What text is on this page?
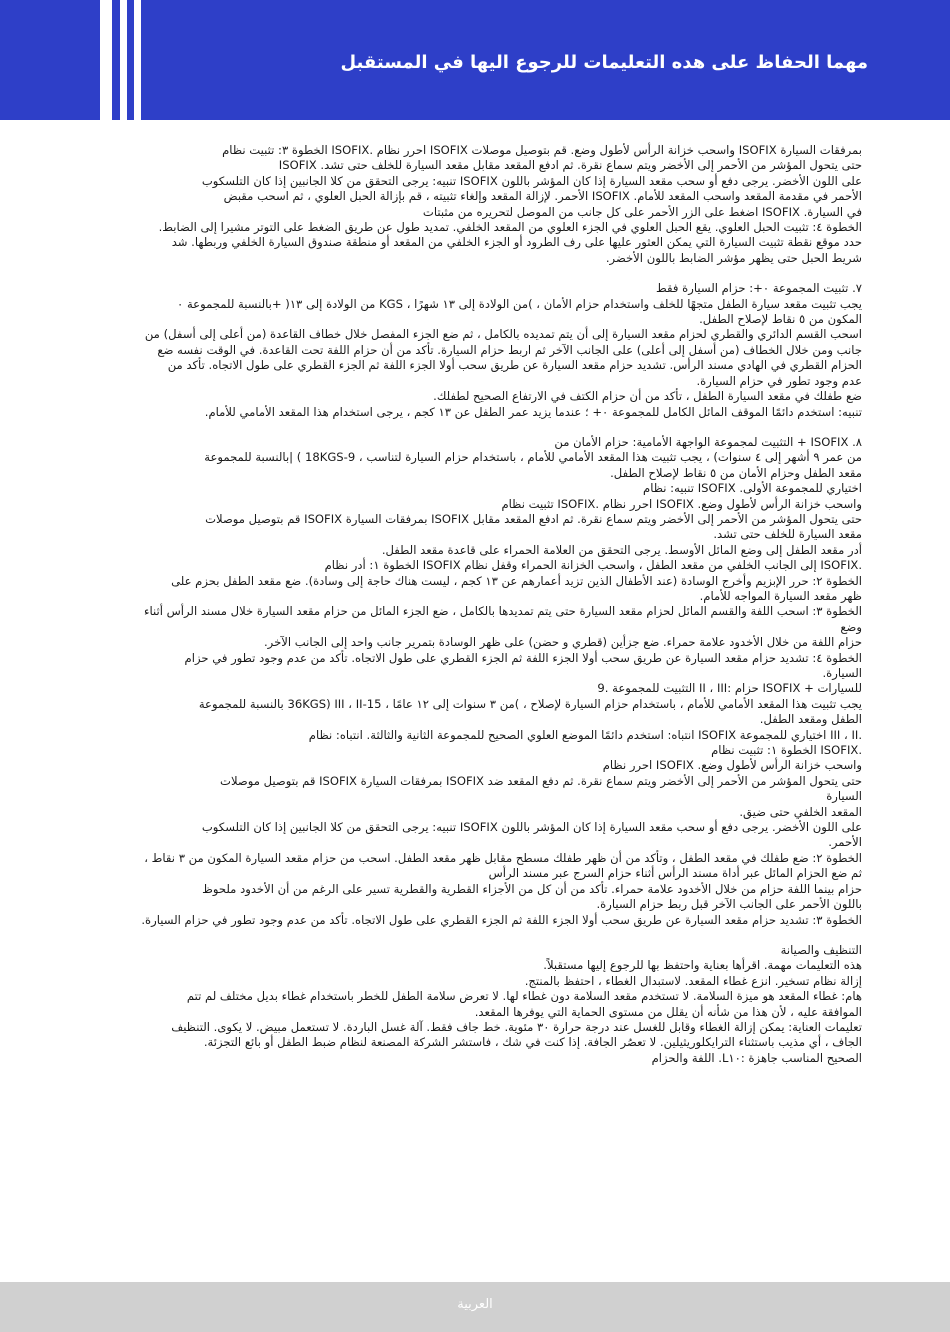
مهما الحفاظ على هده التعليمات للرجوع اليها في المستقبل

بمرفقات السيارة ISOFIX واسحب خزانة الرأس لأطول وضع. قم بتوصيل موصلات ISOFIX احرر نظام .ISOFIX الخطوة ٣: تثبيت نظام

حتى يتحول المؤشر من الأحمر إلى الأخضر ويتم سماع نقرة. ثم ادفع المقعد مقابل مقعد السيارة للخلف حتى تشد. ISOFIX

على اللون الأخضر. يرجى دفع أو سحب مقعد السيارة إذا كان المؤشر باللون ISOFIX تنبيه: يرجى التحقق من كلا الجانبين إذا كان التلسكوب

الأحمر في مقدمة المقعد واسحب المقعد للأمام. ISOFIX الأحمر. لإزالة المقعد وإلغاء تثبيته ، قم بإزالة الحبل العلوي ، ثم اسحب مقبض

في السيارة. ISOFIX اضغط على الزر الأحمر على كل جانب من الموصل لتحريره من مثبتات

الخطوة ٤: تثبيت الحبل العلوي. يقع الحبل العلوي في الجزء العلوي من المقعد الخلفي. تمديد طول عن طريق الضغط على التوتر مشيرا إلى الضابط.

حدد موقع نقطة تثبيت السيارة التي يمكن العثور عليها على رف الطرود أو الجزء الخلفي من المقعد أو منطقة صندوق السيارة الخلفي وربطها. شد

شريط الحبل حتى يظهر مؤشر الضابط باللون الأخضر.

٧. تثبيت المجموعة ٠+: حزام السيارة فقط

يجب تثبيت مقعد سيارة الطفل متجهًا للخلف واستخدام حزام الأمان ، )من الولادة إلى ١٣ شهرًا ، KGS من الولادة إلى ١٣( +بالنسبة للمجموعة ٠

المكون من ٥ نقاط لإصلاح الطفل.

اسحب القسم الدائري والقطري لحزام مقعد السيارة إلى أن يتم تمديده بالكامل ، ثم ضع الجزء المفصل خلال خطاف القاعدة (من أعلى إلى أسفل) من

جانب ومن خلال الخطاف (من أسفل إلى أعلى) على الجانب الآخر ثم اربط حزام السيارة. تأكد من أن حزام اللفة تحت القاعدة. في الوقت نفسه ضع

الحزام القطري في الهادي مسند الرأس. تشديد حزام مقعد السيارة عن طريق سحب أولا الجزء اللفة ثم الجزء القطري على طول الاتجاه. تأكد من

عدم وجود تطور في حزام السيارة.

ضع طفلك في مقعد السيارة الطفل ، تأكد من أن حزام الكتف في الارتفاع الصحيح لطفلك.

تنبيه: استخدم دائمًا الموقف المائل الكامل للمجموعة ٠+ ؛ عندما يزيد عمر الطفل عن ١٣ كجم ، يرجى استخدام هذا المقعد الأمامي للأمام.

٨. ISOFIX + التثبيت لمجموعة الواجهة الأمامية: حزام الأمان من

من عمر ٩ أشهر إلى ٤ سنوات) ، يجب تثبيت هذا المقعد الأمامي للأمام ، باستخدام حزام السيارة لتناسب ، 9-18KGS ) |بالنسبة للمجموعة

مقعد الطفل وحزام الأمان من ٥ نقاط لإصلاح الطفل.

اختياري للمجموعة الأولى. ISOFIX تنبيه: نظام

واسحب خزانة الرأس لأطول وضع. ISOFIX احرر نظام .ISOFIX تثبيت نظام

حتى يتحول المؤشر من الأحمر إلى الأخضر ويتم سماع نقرة. ثم ادفع المقعد مقابل ISOFIX بمرفقات السيارة ISOFIX قم بتوصيل موصلات

مقعد السيارة للخلف حتى تشد.

أدر مقعد الطفل إلى وضع المائل الأوسط. يرجى التحقق من العلامة الحمراء على قاعدة مقعد الطفل.

.ISOFIX إلى الجانب الخلفي من مقعد الطفل ، واسحب الخزانة الحمراء وقفل نظام ISOFIX الخطوة ١: أدر نظام

الخطوة ٢: حرر الإبزيم وأخرج الوسادة (عند الأطفال الذين تزيد أعمارهم عن ١٣ كجم ، ليست هناك حاجة إلى وسادة). ضع مقعد الطفل بحزم على

ظهر مقعد السيارة المواجه للأمام.

الخطوة ٣: اسحب اللفة والقسم المائل لحزام مقعد السيارة حتى يتم تمديدها بالكامل ، ضع الجزء المائل من حزام مقعد السيارة خلال مسند الرأس أثناء

وضع

حزام اللفة من خلال الأخدود علامة حمراء. ضع جزأين (قطري و حضن) على ظهر الوسادة بتمرير جانب واحد إلى الجانب الآخر.

الخطوة ٤: تشديد حزام مقعد السيارة عن طريق سحب أولا الجزء اللفة ثم الجزء القطري على طول الاتجاه. تأكد من عدم وجود تطور في حزام

السيارة.

للسيارات + ISOFIX حزام :II ، III التثبيت للمجموعة .9

يجب تثبيت هذا المقعد الأمامي للأمام ، باستخدام حزام السيارة لإصلاح ، )من ٣ سنوات إلى ١٢ عامًا ، 15-36KGS) III ، II بالنسبة للمجموعة

الطفل ومقعد الطفل.

.III ، II اختياري للمجموعة ISOFIX انتباه: استخدم دائمًا الموضع العلوي الصحيح للمجموعة الثانية والثالثة. انتباه: نظام

.ISOFIX الخطوة ١: تثبيت نظام

واسحب خزانة الرأس لأطول وضع. ISOFIX احرر نظام

حتى يتحول المؤشر من الأحمر إلى الأخضر ويتم سماع نقرة. ثم دفع المقعد ضد ISOFIX بمرفقات السيارة ISOFIX قم بتوصيل موصلات

السيارة

المقعد الخلفي حتى ضيق.

على اللون الأخضر. يرجى دفع أو سحب مقعد السيارة إذا كان المؤشر باللون ISOFIX تنبيه: يرجى التحقق من كلا الجانبين إذا كان التلسكوب

الأحمر.

الخطوة ٢: ضع طفلك في مقعد الطفل ، وتأكد من أن ظهر طفلك مسطح مقابل ظهر مقعد الطفل. اسحب من حزام مقعد السيارة المكون من ٣ نقاط ،

ثم ضع الحزام المائل عبر أداة مسند الرأس أثناء حزام السرج عبر مسند الرأس

حزام بينما اللفة حزام من خلال الأخدود علامة حمراء. تأكد من أن كل من الأجزاء القطرية والقطرية تسير على الرغم من أن الأخدود ملحوظ

باللون الأحمر على الجانب الآخر قبل ربط حزام السيارة.

الخطوة ٣: تشديد حزام مقعد السيارة عن طريق سحب أولا الجزء اللفة ثم الجزء القطري على طول الاتجاه. تأكد من عدم وجود تطور في حزام السيارة.

التنظيف والصيانة

هذه التعليمات مهمة. اقرأها بعناية واحتفظ بها للرجوع إليها مستقبلاً.

إزالة نظام تسخير. انزع غطاء المقعد. لاستبدال الغطاء ، احتفظ بالمنتج.

هام: غطاء المقعد هو ميزة السلامة. لا تستخدم مقعد السلامة دون غطاء لها. لا تعرض سلامة الطفل للخطر باستخدام غطاء بديل مختلف لم تتم

الموافقة عليه ، لأن هذا من شأنه أن يقلل من مستوى الحماية التي يوفرها المقعد.

تعليمات العناية: يمكن إزالة الغطاء وقابل للغسل عند درجة حرارة ٣٠ مئوية. خط جاف فقط. آلة غسل الباردة. لا تستعمل مبيض. لا يكوى. التنظيف

الجاف ، أي مذيب باستثناء الترايكلوريثيلين. لا تعصُر الجافة. إذا كنت في شك ، فاستشر الشركة المصنعة لنظام ضبط الطفل أو بائع التجزئة.

الصحيح المناسب جاهزة :L١٠. اللفة والحزام

العربية
